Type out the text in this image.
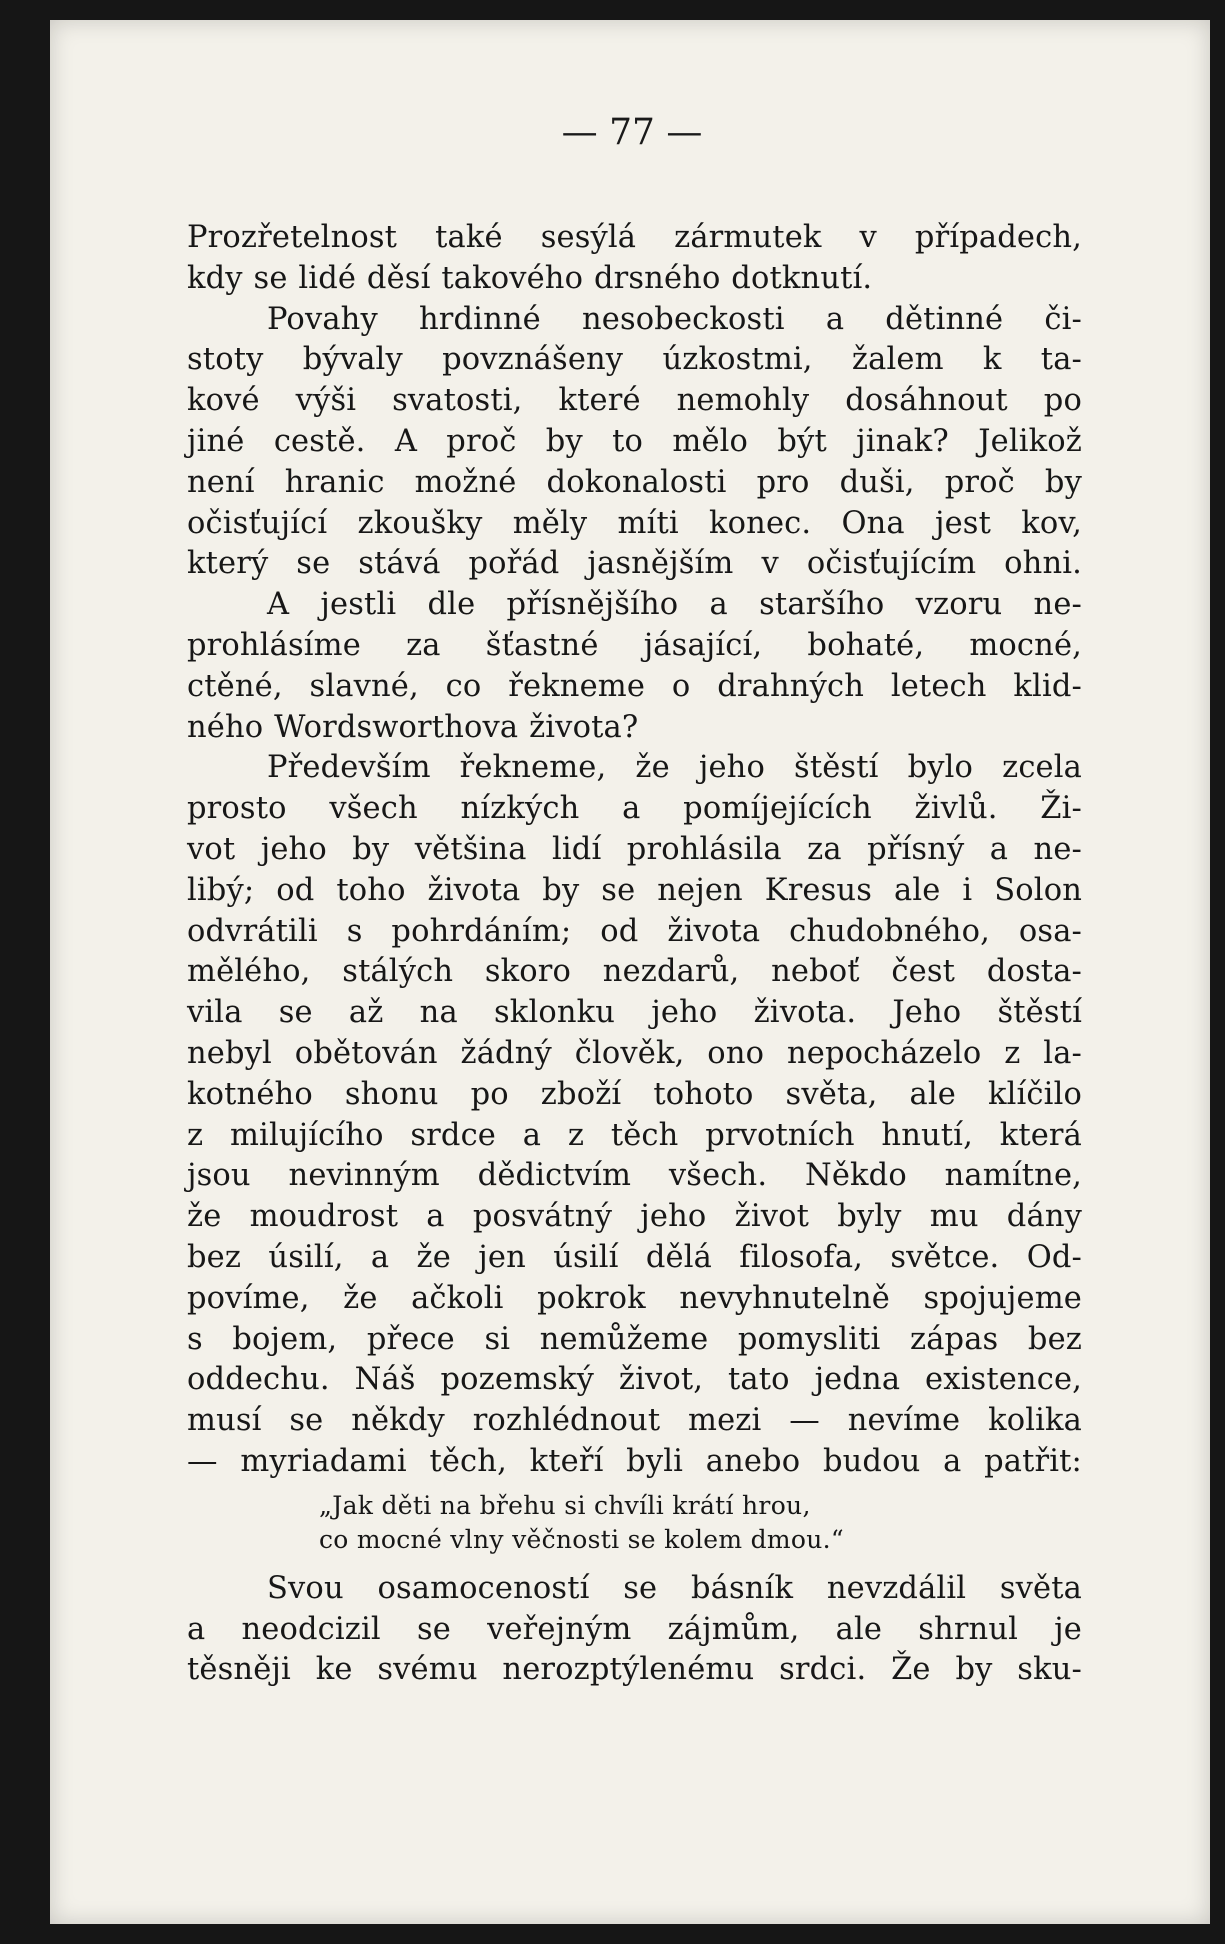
— 77 —

Prozřetelnost také sesýlá zármutek v případech,
kdy se lidé děsí takového drsného dotknutí.
Povahy hrdinné nesobeckosti a dětinné či-
stoty bývaly povznášeny úzkostmi, žalem k ta-
kové výši svatosti, které nemohly dosáhnout po
jiné cestě. A proč by to mělo být jinak? Jelikož
není hranic možné dokonalosti pro duši, proč by
očisťující zkoušky měly míti konec. Ona jest kov,
který se stává pořád jasnějším v očisťujícím ohni.
A jestli dle přísnějšího a staršího vzoru ne-
prohlásíme za šťastné jásající, bohaté, mocné,
ctěné, slavné, co řekneme o drahných letech klid-
ného Wordsworthova života?
Především řekneme, že jeho štěstí bylo zcela
prosto všech nízkých a pomíjejících živlů. Ži-
vot jeho by většina lidí prohlásila za přísný a ne-
libý; od toho života by se nejen Kresus ale i Solon
odvrátili s pohrdáním; od života chudobného, osa-
mělého, stálých skoro nezdarů, neboť čest dosta-
vila se až na sklonku jeho života. Jeho štěstí
nebyl obětován žádný člověk, ono nepocházelo z la-
kotného shonu po zboží tohoto světa, ale klíčilo
z milujícího srdce a z těch prvotních hnutí, která
jsou nevinným dědictvím všech. Někdo namítne,
že moudrost a posvátný jeho život byly mu dány
bez úsilí, a že jen úsilí dělá filosofa, světce. Od-
povíme, že ačkoli pokrok nevyhnutelně spojujeme
s bojem, přece si nemůžeme pomysliti zápas bez
oddechu. Náš pozemský život, tato jedna existence,
musí se někdy rozhlédnout mezi — nevíme kolika
— myriadami těch, kteří byli anebo budou a patřit:
„Jak děti na břehu si chvíli krátí hrou,
co mocné vlny věčnosti se kolem dmou.“
Svou osamoceností se básník nevzdálil světa
a neodcizil se veřejným zájmům, ale shrnul je
těsněji ke svému nerozptýlenému srdci. Že by sku-
